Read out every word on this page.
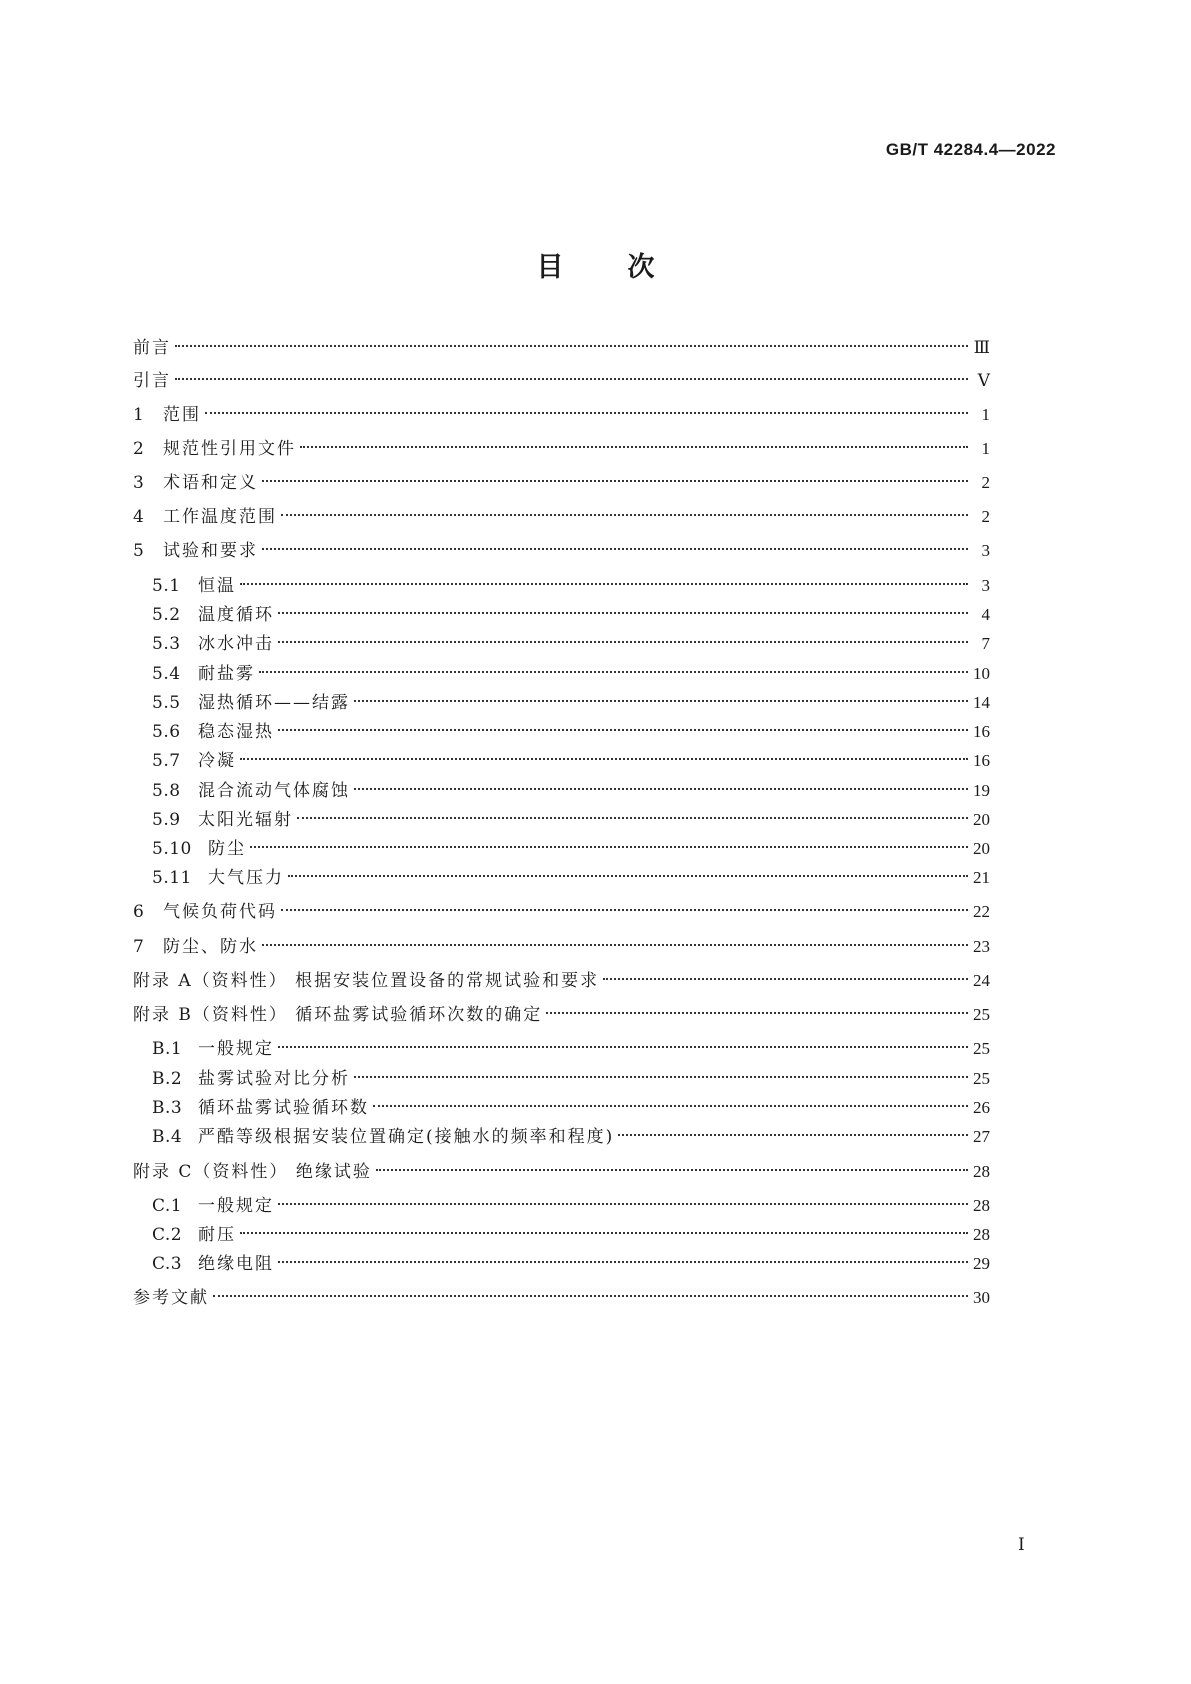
GB/T 42284.4—2022
目次
前言	Ⅲ
引言	Ⅴ
1	范围	1
2	规范性引用文件	1
3	术语和定义	2
4	工作温度范围	2
5	试验和要求	3
5.1	恒温	3
5.2	温度循环	4
5.3	冰水冲击	7
5.4	耐盐雾	10
5.5	湿热循环——结露	14
5.6	稳态湿热	16
5.7	冷凝	16
5.8	混合流动气体腐蚀	19
5.9	太阳光辐射	20
5.10 防尘	20
5.11 大气压力	21
6	气候负荷代码	22
7	防尘、防水	23
附录 A（资料性） 根据安装位置设备的常规试验和要求	24
附录 B（资料性） 循环盐雾试验循环次数的确定	25
B.1 一般规定	25
B.2 盐雾试验对比分析	25
B.3 循环盐雾试验循环数	26
B.4 严酷等级根据安装位置确定(接触水的频率和程度)	27
附录 C（资料性） 绝缘试验	28
C.1 一般规定	28
C.2 耐压	28
C.3 绝缘电阻	29
参考文献	30
Ⅰ
